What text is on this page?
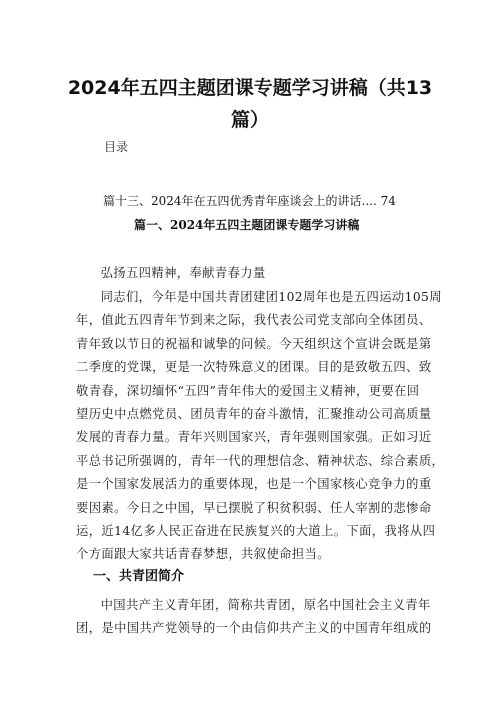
2024年五四主题团课专题学习讲稿（共13
篇）
目录
篇十三、2024年在五四优秀青年座谈会上的讲话.... 74
篇一、2024年五四主题团课专题学习讲稿
弘扬五四精神，奉献青春力量
同志们，今年是中国共青团建团102周年也是五四运动105周
年，值此五四青年节到来之际，我代表公司党支部向全体团员、
青年致以节日的祝福和诚挚的问候。今天组织这个宣讲会既是第
二季度的党课，更是一次特殊意义的团课。目的是致敬五四、致
敬青春，深切缅怀“五四”青年伟大的爱国主义精神，更要在回
望历史中点燃党员、团员青年的奋斗激情，汇聚推动公司高质量
发展的青春力量。青年兴则国家兴，青年强则国家强。正如习近
平总书记所强调的，青年一代的理想信念、精神状态、综合素质，
是一个国家发展活力的重要体现，也是一个国家核心竞争力的重
要因素。今日之中国，早已摆脱了积贫积弱、任人宰割的悲惨命
运，近14亿多人民正奋进在民族复兴的大道上。下面，我将从四
个方面跟大家共话青春梦想，共叙使命担当。
一、共青团简介
中国共产主义青年团，简称共青团，原名中国社会主义青年
团，是中国共产党领导的一个由信仰共产主义的中国青年组成的
